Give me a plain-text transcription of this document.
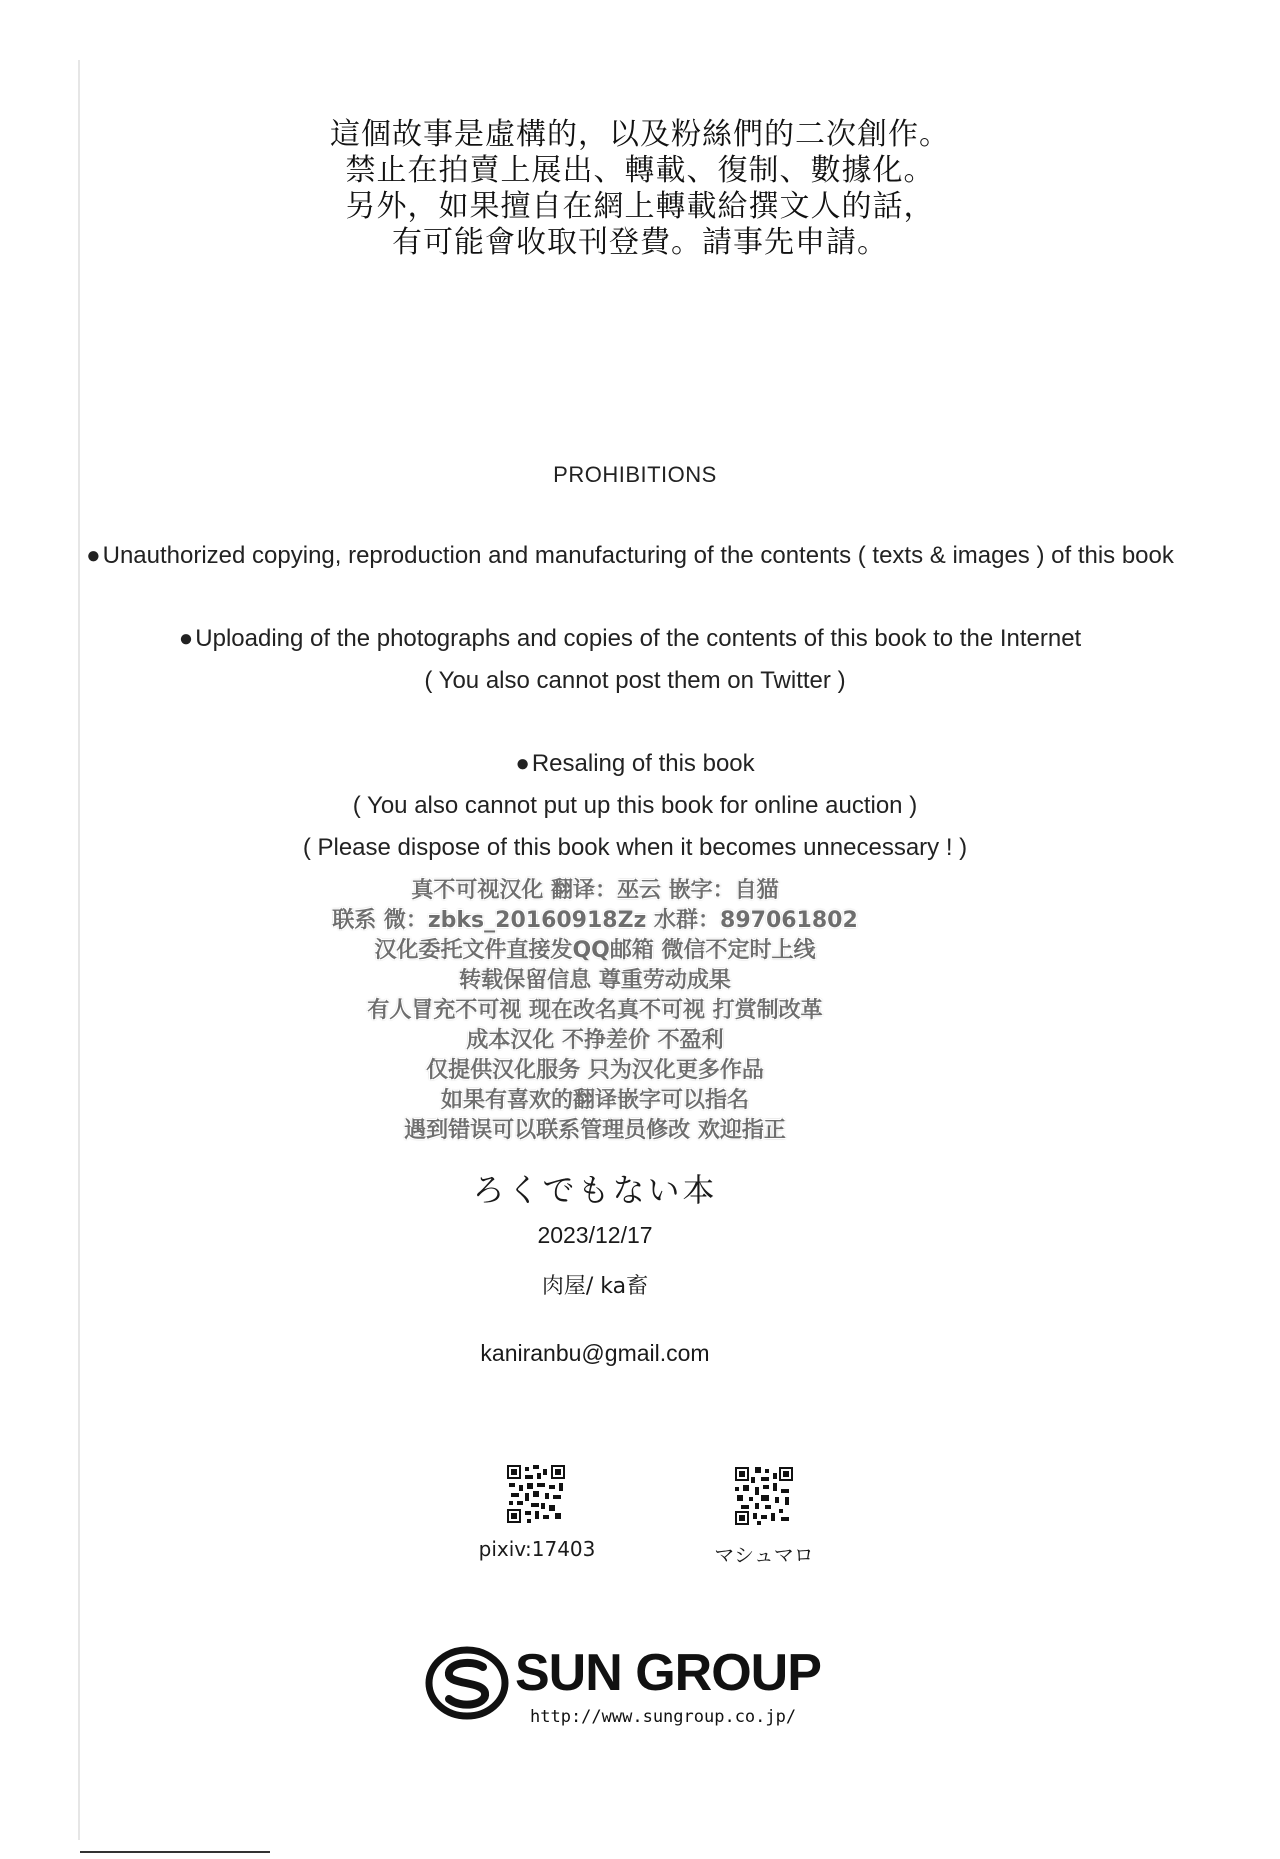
這個故事是虛構的，以及粉絲們的二次創作。
禁止在拍賣上展出、轉載、復制、數據化。
另外，如果擅自在網上轉載給撰文人的話，
有可能會收取刊登費。請事先申請。
PROHIBITIONS
●Unauthorized copying, reproduction and manufacturing of the contents ( texts & images ) of this book
●Uploading of the photographs and copies of the contents of this book to the Internet
( You also cannot post them on Twitter )
●Resaling of this book
( You also cannot put up this book for online auction )
( Please dispose of this book when it becomes unnecessary ! )
真不可视汉化 翻译：巫云 嵌字：自猫
联系 微：zbks_20160918Zz 水群：897061802
汉化委托文件直接发QQ邮箱 微信不定时上线
转载保留信息 尊重劳动成果
有人冒充不可视 现在改名真不可视 打赏制改革
成本汉化 不挣差价 不盈利
仅提供汉化服务 只为汉化更多作品
如果有喜欢的翻译嵌字可以指名
遇到错误可以联系管理员修改 欢迎指正
ろくでもない本
2023/12/17
肉屋/ ka畜
kaniranbu@gmail.com
pixiv:17403	マシュマロ
SUN GROUP
http://www.sungroup.co.jp/
